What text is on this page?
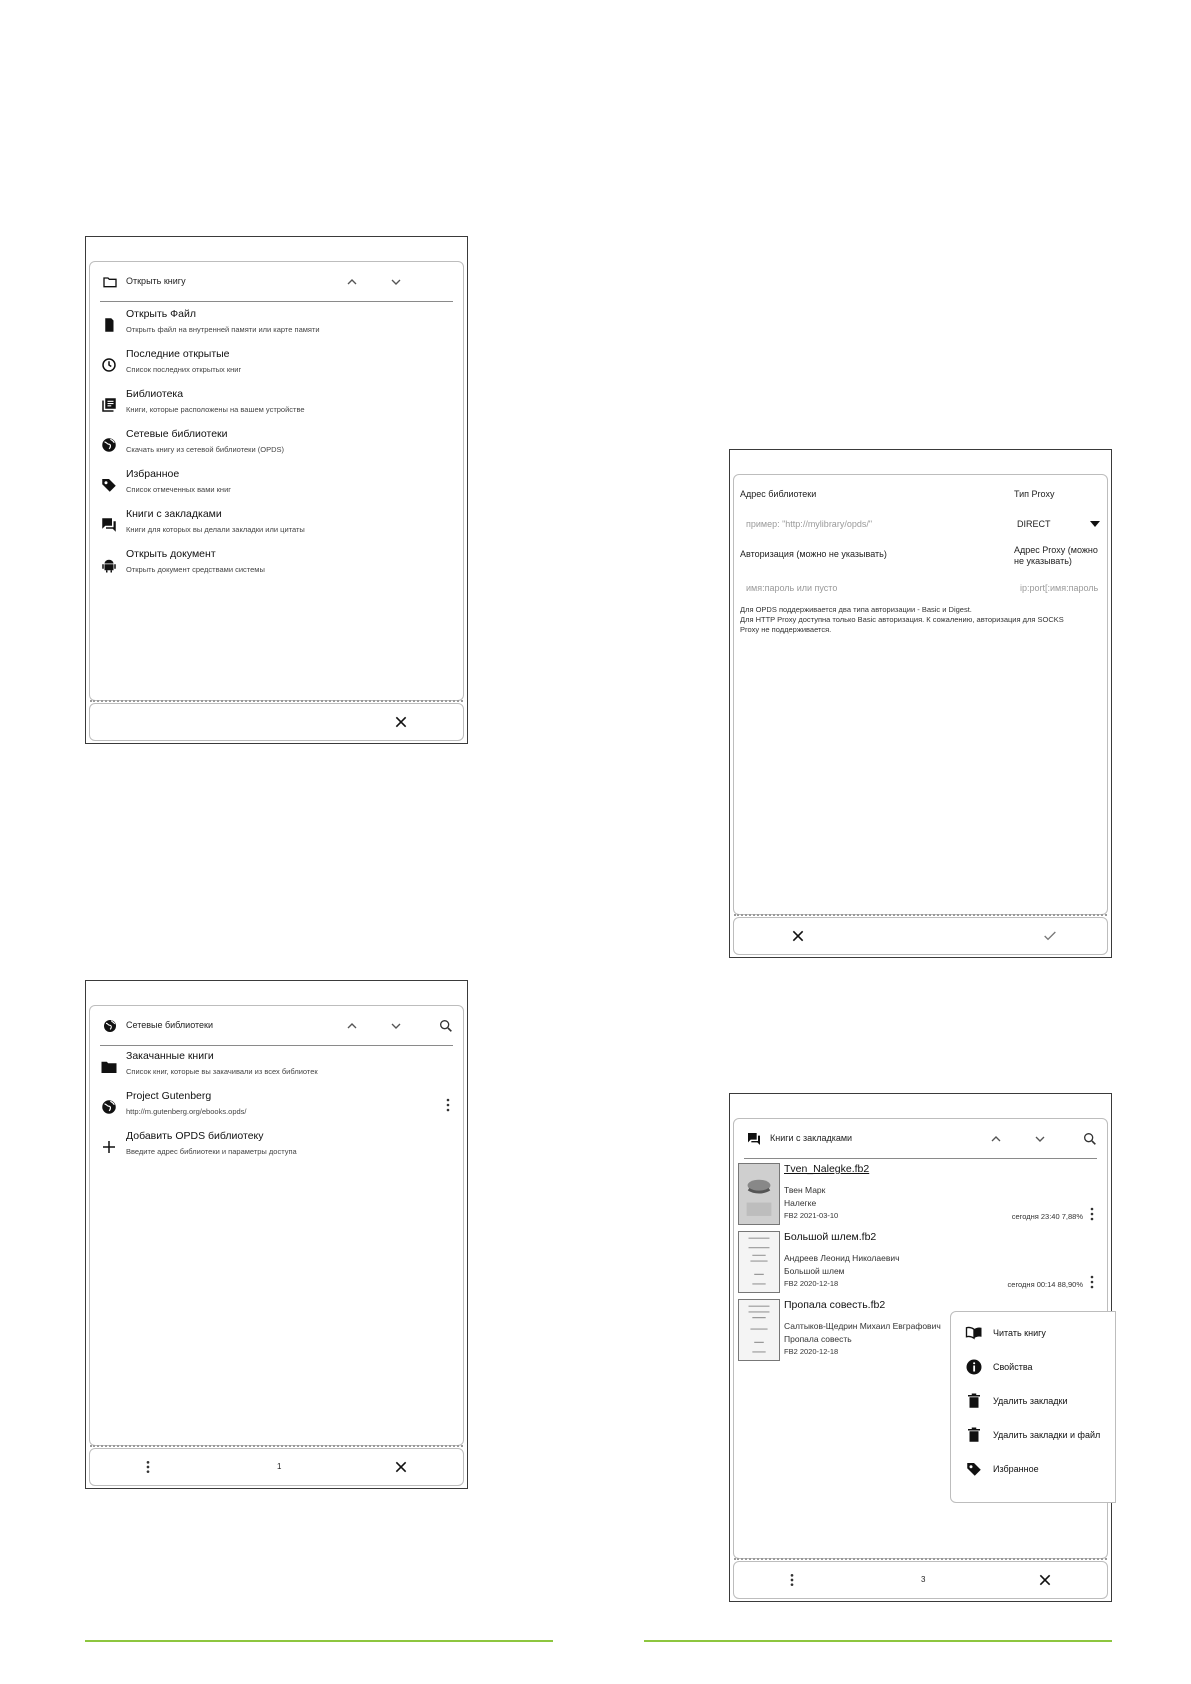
Открыть книгу
Открыть Файл
Открыть файл на внутренней памяти или карте памяти
Последние открытые
Список последних открытых книг
Библиотека
Книги, которые расположены на вашем устройстве
Сетевые библиотеки
Скачать книгу из сетевой библиотеки (OPDS)
Избранное
Список отмеченных вами книг
Книги с закладками
Книги для которых вы делали закладки или цитаты
Открыть документ
Открыть документ средствами системы
Адрес библиотеки	Тип Proxy
пример: "http://mylibrary/opds/"	DIRECT
Авторизация (можно не указывать)	Адрес Proxy (можно
не указывать)
имя:пароль или пусто	ip:port[:имя:пароль
Для OPDS поддерживается два типа авторизации - Basic и Digest.
Для HTTP Proxy доступна только Basic авторизация. К сожалению, авторизация для SOCKS
Proxy не поддерживается.
Сетевые библиотеки
Закачанные книги
Список книг, которые вы закачивали из всех библиотек
Project Gutenberg
http://m.gutenberg.org/ebooks.opds/
Добавить OPDS библиотеку
Введите адрес библиотеки и параметры доступа
1
Книги с закладками
Tven_Nalegke.fb2
Твен Марк
Налегке
FB2 2021-03-10	сегодня 23:40 7,88%
Большой шлем.fb2
Андреев Леонид Николаевич
Большой шлем
FB2 2020-12-18	сегодня 00:14 88,90%
Пропала совесть.fb2
Салтыков-Щедрин Михаил Евграфович
Пропала совесть
FB2 2020-12-18
Читать книгу
Свойства
Удалить закладки
Удалить закладки и файл
Избранное
3
